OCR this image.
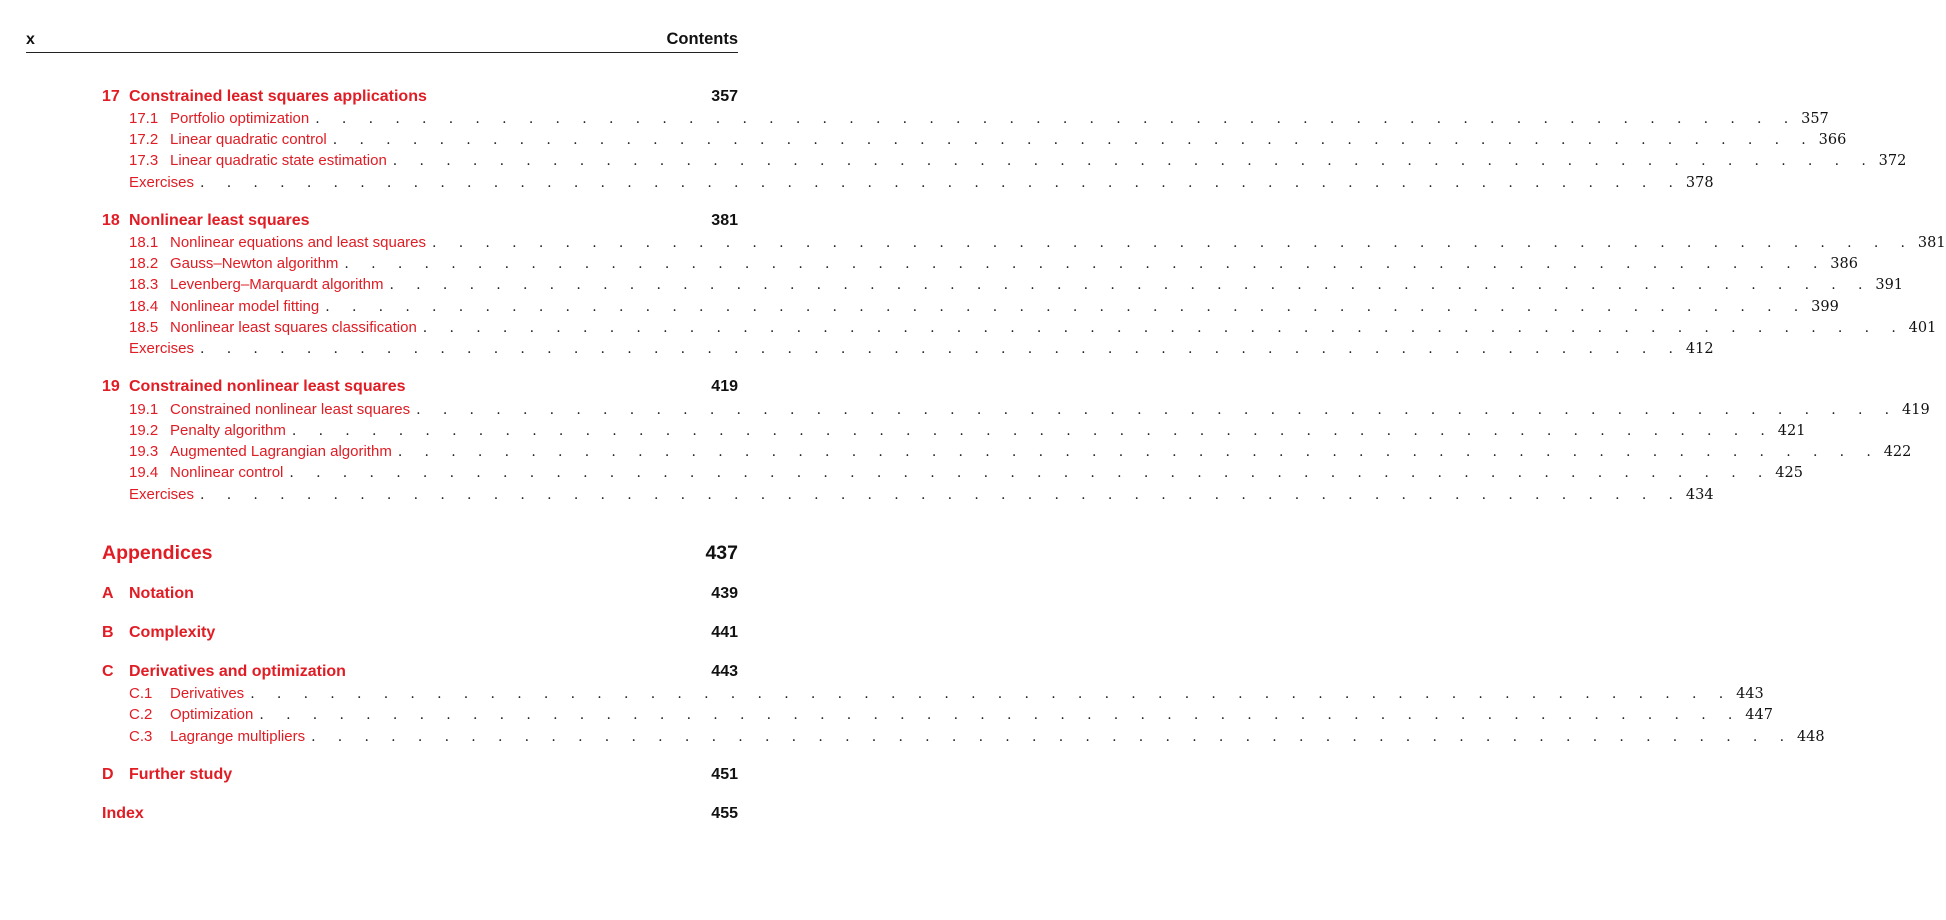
x	Contents
17 Constrained least squares applications	357
17.1 Portfolio optimization . . . . . . . . . . . . . . . . . . . . . . . . . . . . . . . . . . . . . . . . . . . . . . . . . . . . . . . . 357
17.2 Linear quadratic control . . . . . . . . . . . . . . . . . . . . . . . . . . . . . . . . . . . . . . . . . . . . . . . . . . . . . . . . 366
17.3 Linear quadratic state estimation . . . . . . . . . . . . . . . . . . . . . . . . . . . . . . . . . . . . . . . . . . . . . . . . . . . . . . . . 372
Exercises . . . . . . . . . . . . . . . . . . . . . . . . . . . . . . . . . . . . . . . . . . . . . . . . . . . . . . . . 378
18 Nonlinear least squares	381
18.1 Nonlinear equations and least squares . . . . . . . . . . . . . . . . . . . . . . . . . . . . . . . . . . . . . . . . . . . . . . . . . . . . . . . . 381
18.2 Gauss–Newton algorithm . . . . . . . . . . . . . . . . . . . . . . . . . . . . . . . . . . . . . . . . . . . . . . . . . . . . . . . . 386
18.3 Levenberg–Marquardt algorithm . . . . . . . . . . . . . . . . . . . . . . . . . . . . . . . . . . . . . . . . . . . . . . . . . . . . . . . . 391
18.4 Nonlinear model fitting . . . . . . . . . . . . . . . . . . . . . . . . . . . . . . . . . . . . . . . . . . . . . . . . . . . . . . . . 399
18.5 Nonlinear least squares classification . . . . . . . . . . . . . . . . . . . . . . . . . . . . . . . . . . . . . . . . . . . . . . . . . . . . . . . . 401
Exercises . . . . . . . . . . . . . . . . . . . . . . . . . . . . . . . . . . . . . . . . . . . . . . . . . . . . . . . . 412
19 Constrained nonlinear least squares	419
19.1 Constrained nonlinear least squares . . . . . . . . . . . . . . . . . . . . . . . . . . . . . . . . . . . . . . . . . . . . . . . . . . . . . . . . 419
19.2 Penalty algorithm . . . . . . . . . . . . . . . . . . . . . . . . . . . . . . . . . . . . . . . . . . . . . . . . . . . . . . . . 421
19.3 Augmented Lagrangian algorithm . . . . . . . . . . . . . . . . . . . . . . . . . . . . . . . . . . . . . . . . . . . . . . . . . . . . . . . . 422
19.4 Nonlinear control . . . . . . . . . . . . . . . . . . . . . . . . . . . . . . . . . . . . . . . . . . . . . . . . . . . . . . . . 425
Exercises . . . . . . . . . . . . . . . . . . . . . . . . . . . . . . . . . . . . . . . . . . . . . . . . . . . . . . . . 434
Appendices	437
A Notation	439
B Complexity	441
C Derivatives and optimization	443
C.1	Derivatives . . . . . . . . . . . . . . . . . . . . . . . . . . . . . . . . . . . . . . . . . . . . . . . . . . . . . . . . 443
C.2	Optimization . . . . . . . . . . . . . . . . . . . . . . . . . . . . . . . . . . . . . . . . . . . . . . . . . . . . . . . . 447
C.3	Lagrange multipliers . . . . . . . . . . . . . . . . . . . . . . . . . . . . . . . . . . . . . . . . . . . . . . . . . . . . . . . . 448
D Further study	451
Index	455
